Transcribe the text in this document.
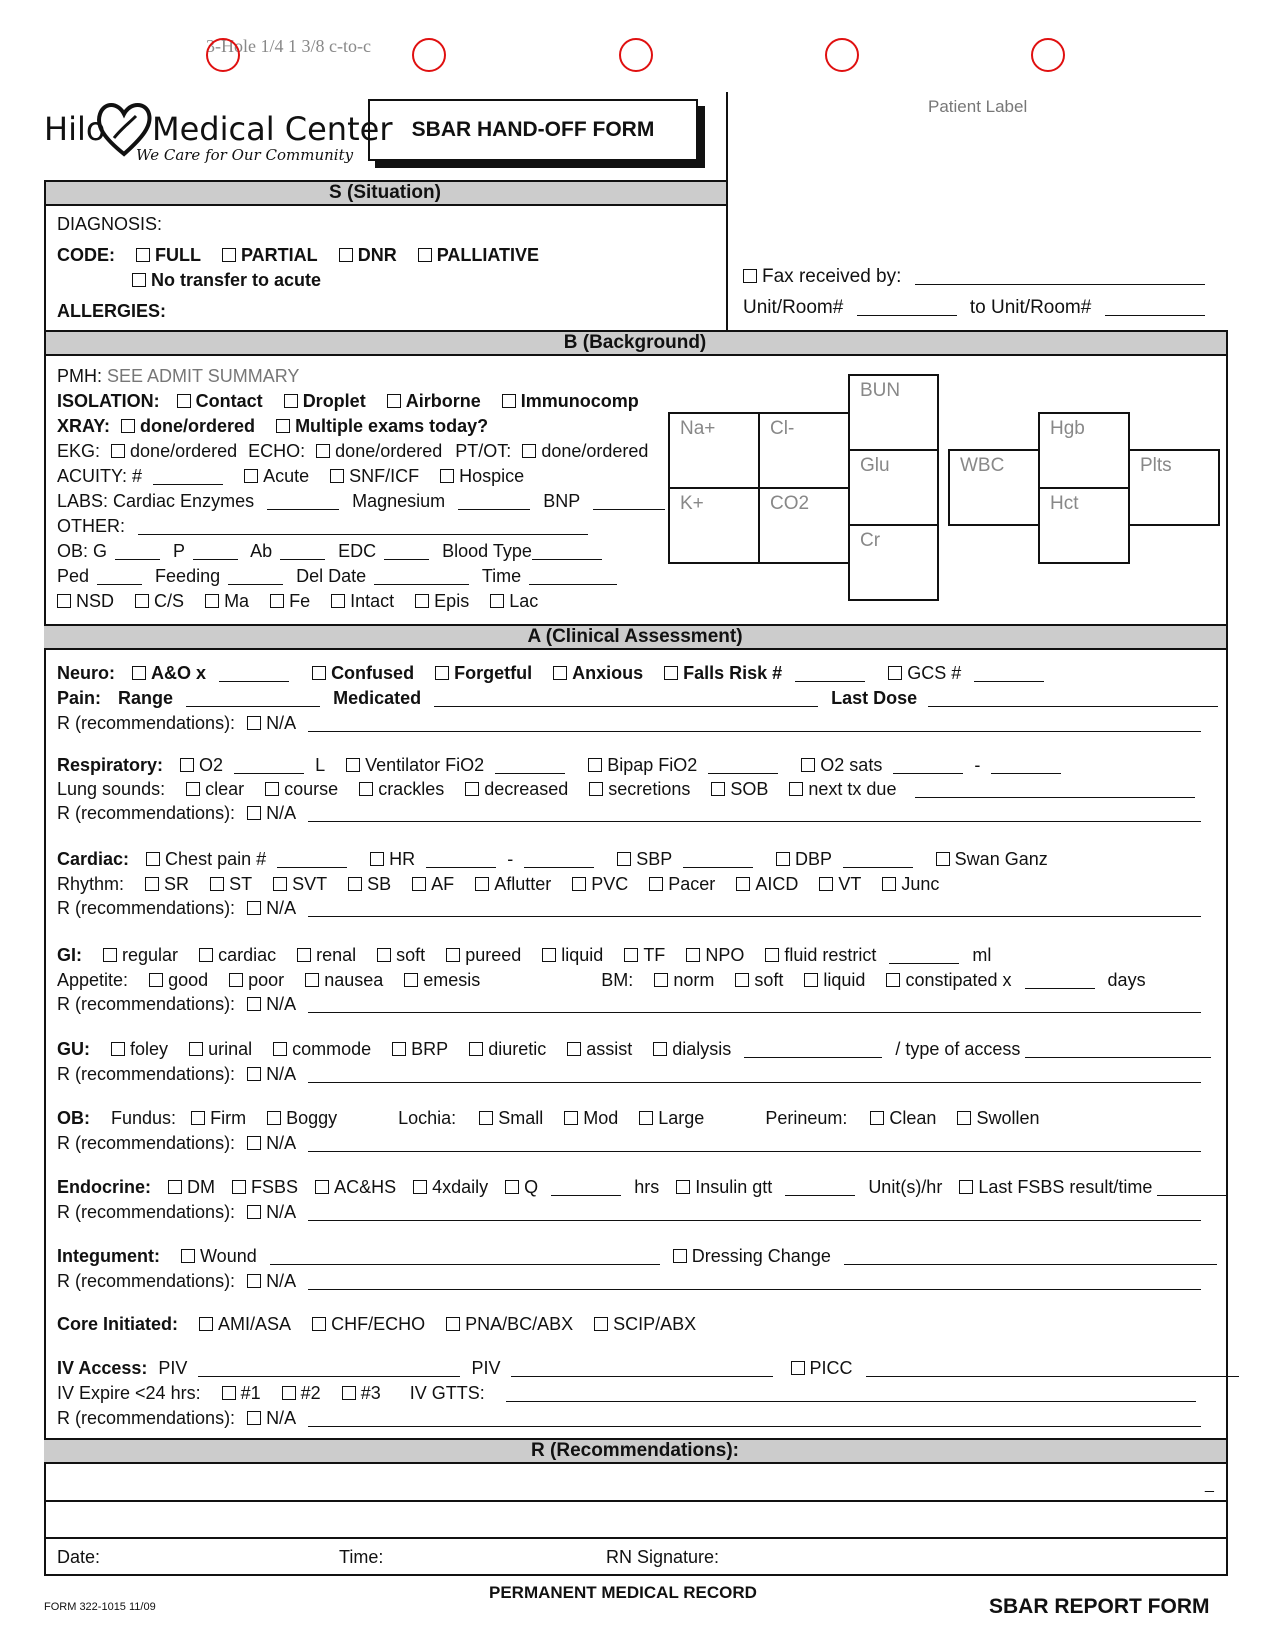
3-Hole 1/4 1 3/8 c-to-c
Hilo Medical Center
We Care for Our Community
SBAR HAND-OFF FORM
Patient Label
S (Situation)
DIAGNOSIS:
CODE: FULL PARTIAL DNR PALLIATIVE
No transfer to acute
ALLERGIES:
Fax received by:
Unit/Room#	to Unit/Room#
B (Background)
PMH: SEE ADMIT SUMMARY
ISOLATION: Contact Droplet Airborne Immunocomp
XRAY: done/ordered Multiple exams today?
EKG: done/ordered ECHO: done/ordered PT/OT: done/ordered
ACUITY: #	Acute SNF/ICF Hospice
LABS: Cardiac Enzymes	Magnesium	BNP
OTHER:
OB: G	P	Ab	EDC	Blood Type
Ped	Feeding	Del Date	Time
NSD C/S Ma Fe Intact Epis Lac
Na+	Cl-
K+	CO2
BUN
Glu
Cr
WBC
Hgb
Hct
Plts
A (Clinical Assessment)
Neuro: A&O x	Confused Forgetful Anxious Falls Risk #	GCS #
Pain: Range	Medicated	Last Dose
R (recommendations): N/A
Respiratory: O2	L Ventilator FiO2	Bipap FiO2	O2 sats	-
Lung sounds: clear course crackles decreased secretions SOB next tx due
R (recommendations): N/A
Cardiac: Chest pain #	HR	-	SBP	DBP	Swan Ganz
Rhythm: SR ST SVT SB AF Aflutter PVC Pacer AICD VT Junc
R (recommendations): N/A
GI: regular cardiac renal soft pureed liquid TF NPO fluid restrict	ml
Appetite: good poor nausea emesis	BM: norm soft liquid constipated x	days
R (recommendations): N/A
GU: foley urinal commode BRP diuretic assist dialysis	/ type of access
R (recommendations): N/A
OB: Fundus: Firm Boggy	Lochia: Small Mod Large	Perineum: Clean Swollen
R (recommendations): N/A
Endocrine: DM FSBS AC&HS 4xdaily Q	hrs Insulin gtt	Unit(s)/hr Last FSBS result/time
R (recommendations): N/A
Integument: Wound	Dressing Change
R (recommendations): N/A
Core Initiated: AMI/ASA CHF/ECHO PNA/BC/ABX SCIP/ABX
IV Access: PIV	PIV	PICC
IV Expire <24 hrs: #1 #2 #3 IV GTTS:
R (recommendations): N/A
R (Recommendations):
_
Date:	Time:	RN Signature:
FORM 322-1015 11/09
PERMANENT MEDICAL RECORD
SBAR REPORT FORM
